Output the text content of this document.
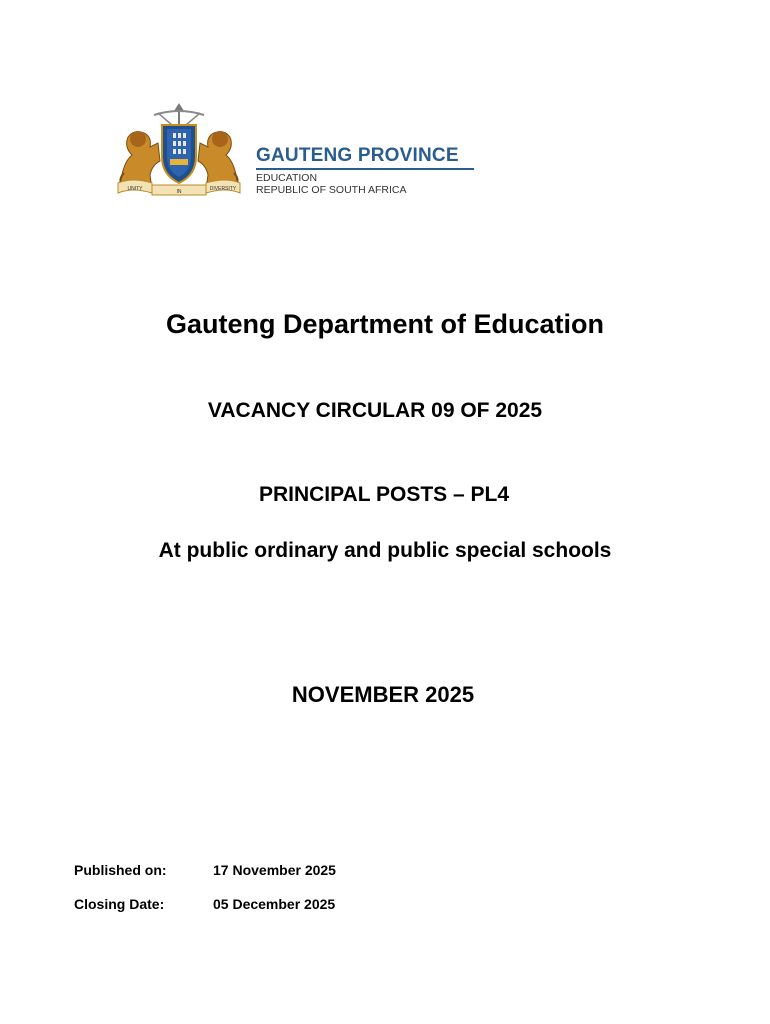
UNITY	IN	DIVERSITY
GAUTENG PROVINCE
EDUCATION
REPUBLIC OF SOUTH AFRICA
Gauteng Department of Education
VACANCY CIRCULAR 09 OF 2025
PRINCIPAL POSTS – PL4
At public ordinary and public special schools
NOVEMBER 2025
Published on:	17 November 2025
Closing Date:	05 December 2025
